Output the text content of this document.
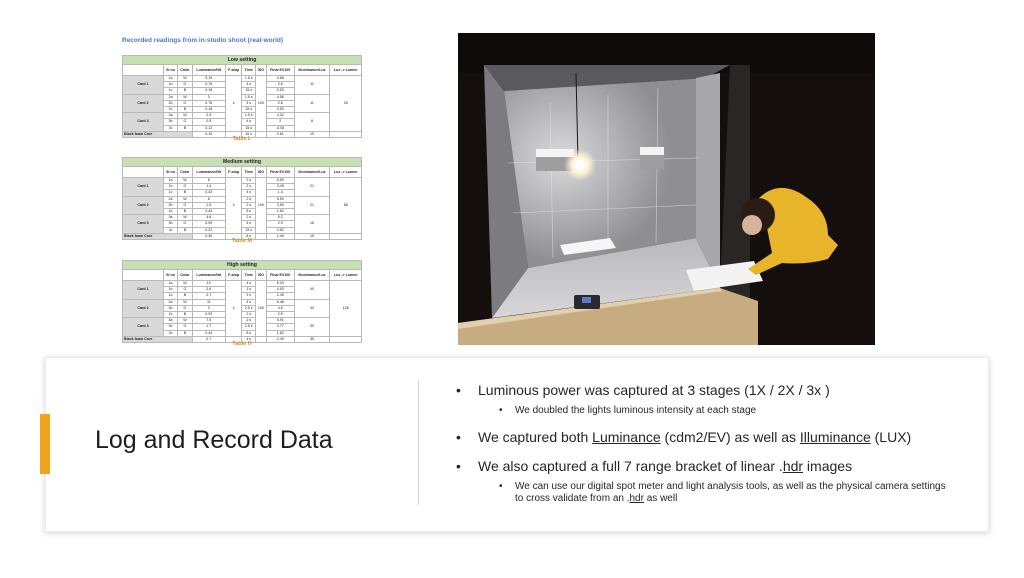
Recorded readings from in-studio shoot (real-world)
Low setting									
	Sl no	Color	Luminance/Nit	F-stop	Time	ISO	Final EV100	Illuminance/Lux	Lux -> Lumen
Card 1	1a	W	3.15	4	1.5 s	100	4.66	11	25
	1b	G	0.76		4 s		2.6		
	1c	B	0.18		15 s		0.53		
Card 2	2a	W	3		1.5 s		4.58	11	
	2b	G	0.76		4 s		2.6		
	2c	B	0.18		15 s		0.53		
Card 3	3a	W	2.5		1.5 s		4.32	8	
	3b	G	0.5		4 s		2		
	3c	B	0.12		15 s		-0.08		
Black foam Core			0.19		15 s		0.61	10	
Table L
Medium setting									
	Sl no	Color	Luminance/Nit	F-stop	Time	ISO	Final EV100	Illuminance/Lux	Lux -> Lumen
Card 1	1a	W	6	4	2 s	100	5.59	21	66
	1b	G	1.4		2 s		3.49		
	1c	B	0.33		4 s		1.4		
Card 2	2a	W	6		2 s		5.59	21	
	2b	G	1.5		2 s		3.59		
	2c	B	0.44		8 s		1.82		
Card 3	3a	W	4.6		2 s		5.2	16	
	3b	G	0.93		4 s		2.9		
	3c	B	0.22		15 s		0.82		
Black foam Core			0.35		8 s		1.49	19	
Table M
High setting									
	Sl no	Color	Luminance/Nit	F-stop	Time	ISO	Final EV100	Illuminance/Lux	Lux -> Lumen
Card 1	1a	W	10	4	4 s	100	6.33	40	126
	1b	G	3.6		1 s		4.93		
	1c	B	0.7		2 s		2.49		
Card 2	2a	W	11		4 s		6.48	40	
	2b	G	3		2.5 s		4.6		
	2c	B	0.93		2 s		2.9		
Card 3	3a	W	7.5		2 s		5.91	30	
	3b	G	1.7		2.5 s		3.77		
	3c	B	0.44		8 s		1.82		
Black foam Core			0.7		4 s		2.49	35	
Table H
Log and Record Data
• Luminous power was captured at 3 stages (1X / 2X / 3x )
• We doubled the lights luminous intensity at each stage
• We captured both Luminance (cdm2/EV) as well as Illuminance (LUX)
• We also captured a full 7 range bracket of linear .hdr images
• We can use our digital spot meter and light analysis tools, as well as the physical camera settings to cross validate from an .hdr as well
